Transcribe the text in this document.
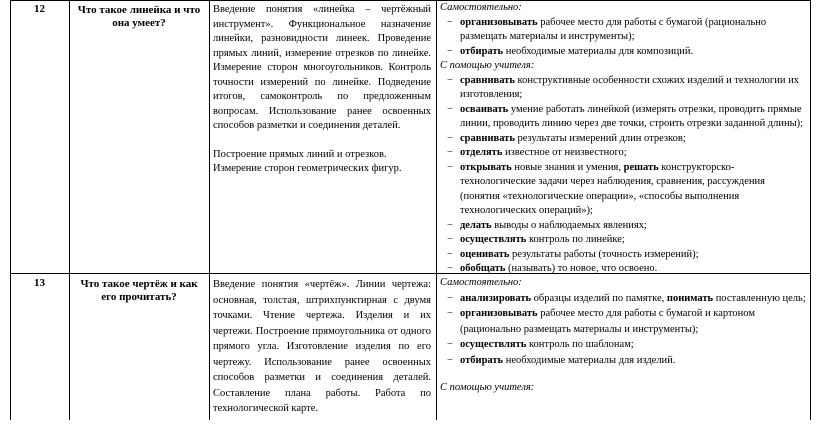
12	Что такое линейка и что она умеет?

Введение понятия «линейка – чертёжный инструмент». Функциональное назначение линейки, разновидности линеек. Проведение прямых линий, измерение отрезков по линейке. Измерение сторон многоугольников. Контроль точности измерений по линейке. Подведение итогов, самоконтроль по предложенным вопросам. Использование ранее освоенных способов разметки и соединения деталей.

Построение прямых линий и отрезков. Измерение сторон геометрических фигур.

Самостоятельно:
− организовывать рабочее место для работы с бумагой (рационально размещать материалы и инструменты);
− отбирать необходимые материалы для композиций.
С помощью учителя:
− сравнивать конструктивные особенности схожих изделий и технологии их изготовления;
− осваивать умение работать линейкой (измерять отрезки, проводить прямые линии, проводить линию через две точки, строить отрезки заданной длины);
− сравнивать результаты измерений длин отрезков;
− отделять известное от неизвестного;
− открывать новые знания и умения, решать конструкторско-технологические задачи через наблюдения, сравнения, рассуждения (понятия «технологические операции», «способы выполнения технологических операций»);
− делать выводы о наблюдаемых явлениях;
− осуществлять контроль по линейке;
− оценивать результаты работы (точность измерений);
− обобщать (называть) то новое, что освоено.
13	Что такое чертёж и как его прочитать?

Введение понятия «чертёж». Линии чертежа: основная, толстая, штрихпунктирная с двумя точками. Чтение чертежа. Изделия и их чертежи. Построение прямоугольника от одного прямого угла. Изготовление изделия по его чертежу. Использование ранее освоенных способов разметки и соединения деталей. Составление плана работы. Работа по технологической карте.

Самостоятельно:
− анализировать образцы изделий по памятке, понимать поставленную цель;
− организовывать рабочее место для работы с бумагой и картоном (рационально размещать материалы и инструменты);
− осуществлять контроль по шаблонам;
− отбирать необходимые материалы для изделий.
С помощью учителя:
